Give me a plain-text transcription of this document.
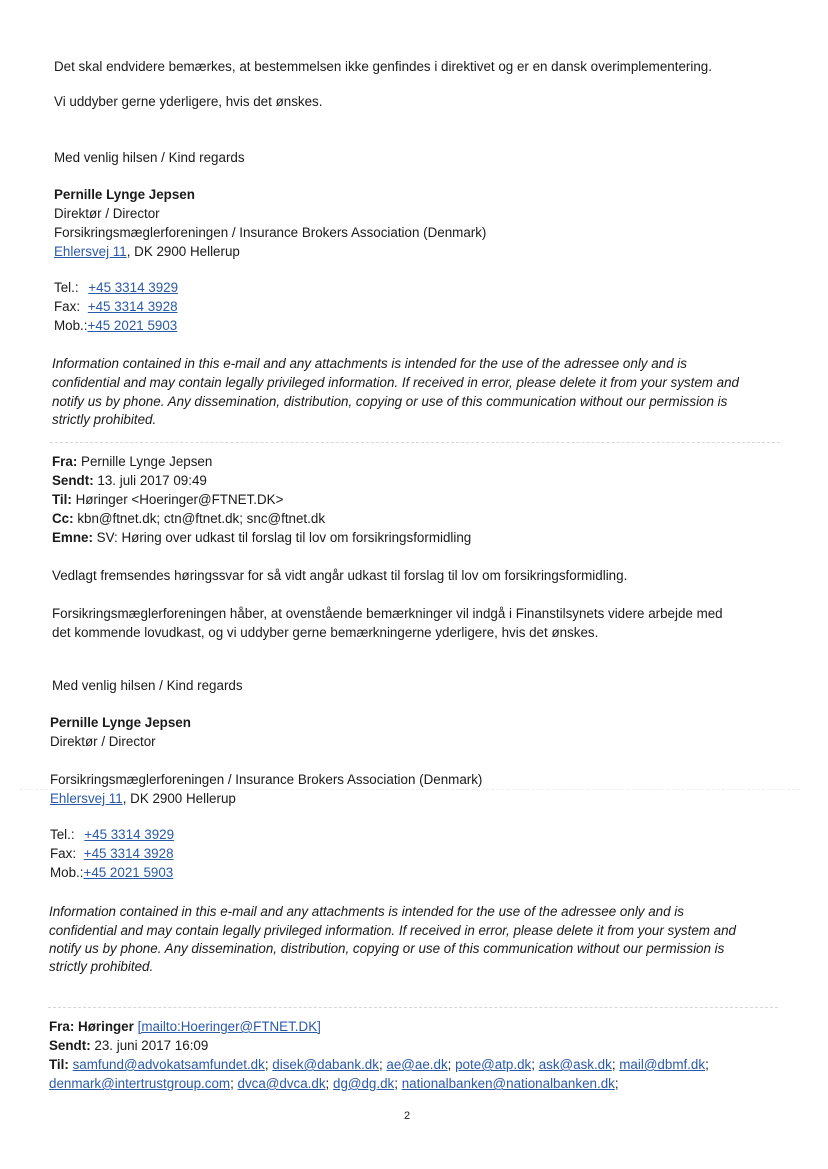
Det skal endvidere bemærkes, at bestemmelsen ikke genfindes i direktivet og er en dansk overimplementering.
Vi uddyber gerne yderligere, hvis det ønskes.
Med venlig hilsen / Kind regards
Pernille Lynge Jepsen
Direktør / Director
Forsikringsmæglerforeningen / Insurance Brokers Association (Denmark)
Ehlersvej 11, DK 2900 Hellerup
Tel.: +45 3314 3929
Fax: +45 3314 3928
Mob.:+45 2021 5903
Information contained in this e-mail and any attachments is intended for the use of the adressee only and is
confidential and may contain legally privileged information. If received in error, please delete it from your system and
notify us by phone. Any dissemination, distribution, copying or use of this communication without our permission is
strictly prohibited.
Fra: Pernille Lynge Jepsen
Sendt: 13. juli 2017 09:49
Til: Høringer <Hoeringer@FTNET.DK>
Cc: kbn@ftnet.dk; ctn@ftnet.dk; snc@ftnet.dk
Emne: SV: Høring over udkast til forslag til lov om forsikringsformidling
Vedlagt fremsendes høringssvar for så vidt angår udkast til forslag til lov om forsikringsformidling.
Forsikringsmæglerforeningen håber, at ovenstående bemærkninger vil indgå i Finanstilsynets videre arbejde med
det kommende lovudkast, og vi uddyber gerne bemærkningerne yderligere, hvis det ønskes.
Med venlig hilsen / Kind regards
Pernille Lynge Jepsen
Direktør / Director
Forsikringsmæglerforeningen / Insurance Brokers Association (Denmark)
Ehlersvej 11, DK 2900 Hellerup
Tel.: +45 3314 3929
Fax: +45 3314 3928
Mob.:+45 2021 5903
Information contained in this e-mail and any attachments is intended for the use of the adressee only and is
confidential and may contain legally privileged information. If received in error, please delete it from your system and
notify us by phone. Any dissemination, distribution, copying or use of this communication without our permission is
strictly prohibited.
Fra: Høringer [mailto:Hoeringer@FTNET.DK]
Sendt: 23. juni 2017 16:09
Til: samfund@advokatsamfundet.dk; disek@dabank.dk; ae@ae.dk; pote@atp.dk; ask@ask.dk; mail@dbmf.dk;
denmark@intertrustgroup.com; dvca@dvca.dk; dg@dg.dk; nationalbanken@nationalbanken.dk;
2
